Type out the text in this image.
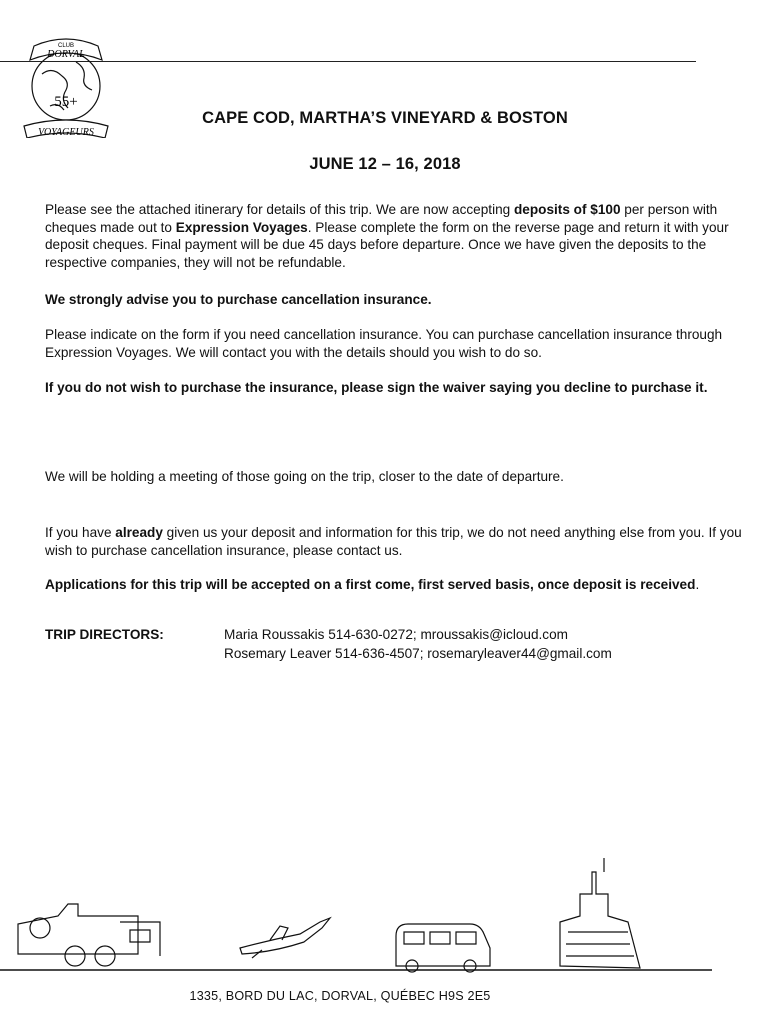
CLUB
DORVAL
55+
VOYAGEURS
CAPE COD, MARTHA’S VINEYARD & BOSTON
JUNE 12 – 16, 2018

Please see the attached itinerary for details of this trip. We are now accepting deposits of $100 per person with cheques made out to Expression Voyages. Please complete the form on the reverse page and return it with your deposit cheques. Final payment will be due 45 days before departure. Once we have given the deposits to the respective companies, they will not be refundable.

We strongly advise you to purchase cancellation insurance.

Please indicate on the form if you need cancellation insurance. You can purchase cancellation insurance through Expression Voyages. We will contact you with the details should you wish to do so.

If you do not wish to purchase the insurance, please sign the waiver saying you decline to purchase it.

We will be holding a meeting of those going on the trip, closer to the date of departure.

If you have already given us your deposit and information for this trip, we do not need anything else from you. If you wish to purchase cancellation insurance, please contact us.

Applications for this trip will be accepted on a first come, first served basis, once deposit is received.

TRIP DIRECTORS:	Maria Roussakis 514-630-0272; mroussakis@icloud.com
Rosemary Leaver 514-636-4507; rosemaryleaver44@gmail.com
1335, BORD DU LAC, DORVAL, QUÉBEC H9S 2E5
